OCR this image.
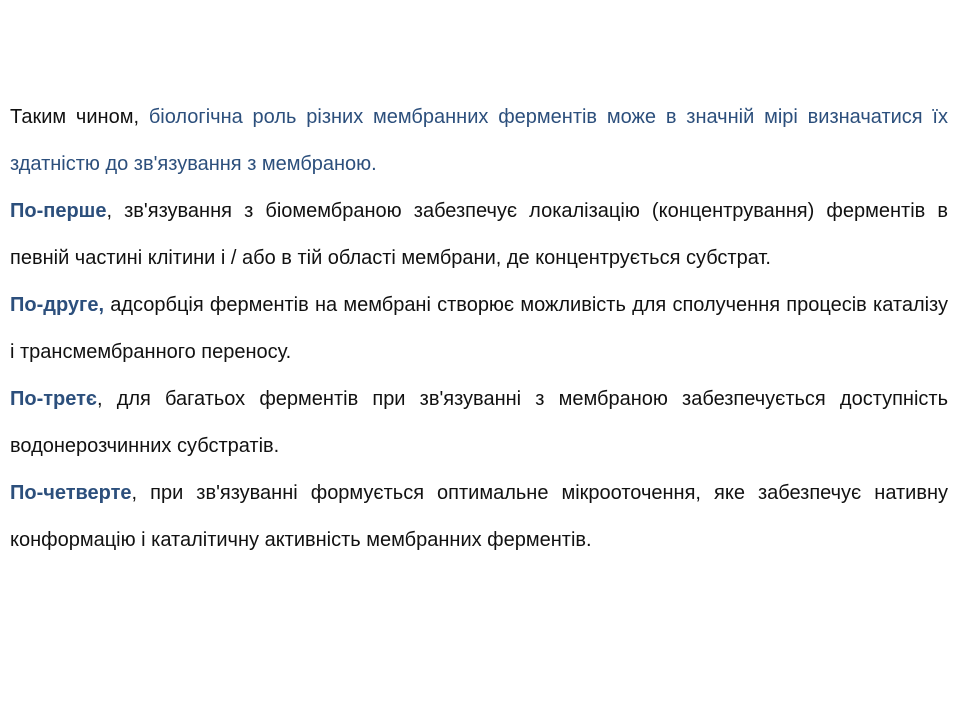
Таким чином, біологічна роль різних мембранних ферментів може в значній мірі визначатися їх здатністю до зв'язування з мембраною.

По-перше, зв'язування з біомембраною забезпечує локалізацію (концентрування) ферментів в певній частині клітини і / або в тій області мембрани, де концентрується субстрат.

По-друге, адсорбція ферментів на мембрані створює можливість для сполучення процесів каталізу і трансмембранного переносу.

По-третє, для багатьох ферментів при зв'язуванні з мембраною забезпечується доступність водонерозчинних субстратів.

По-четверте, при зв'язуванні формується оптимальне мікрооточення, яке забезпечує нативну конформацію і каталітичну активність мембранних ферментів.
